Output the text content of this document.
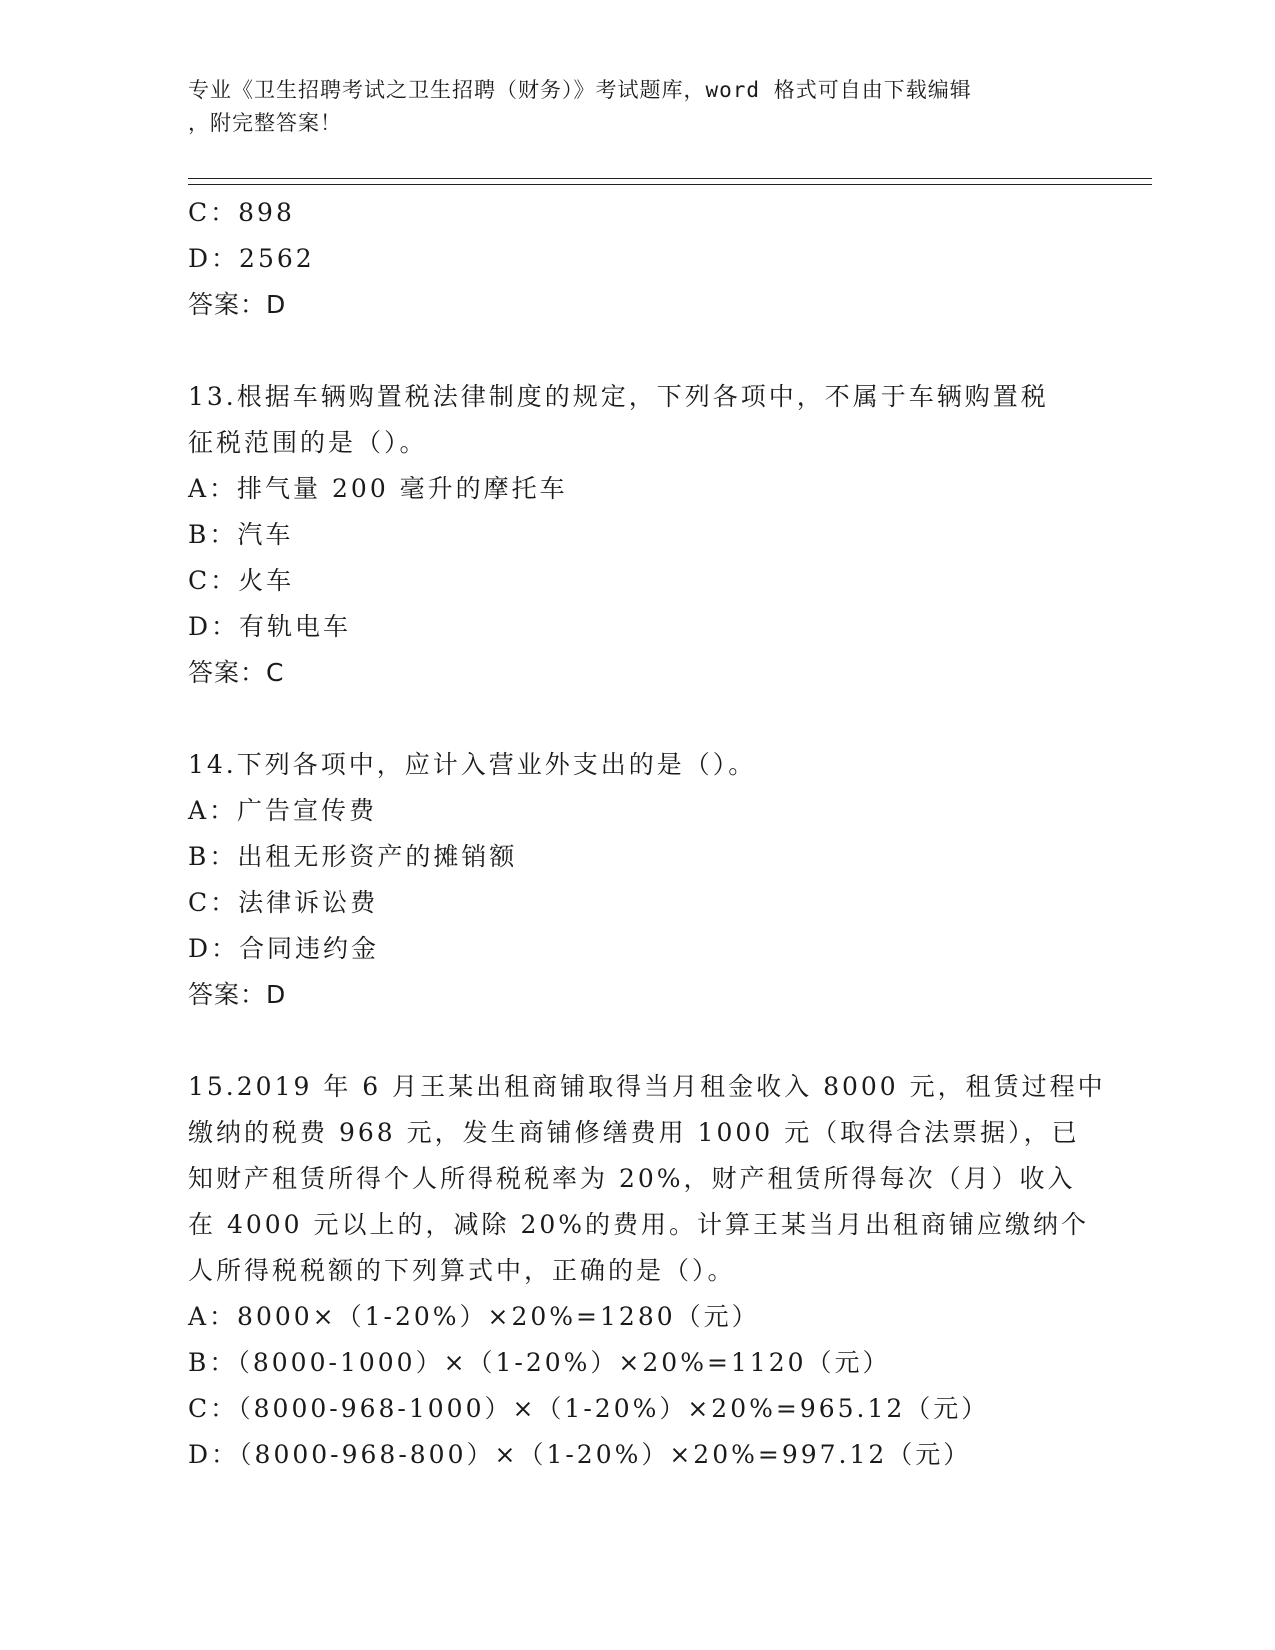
专业《卫生招聘考试之卫生招聘（财务）》考试题库，word 格式可自由下载编辑
，附完整答案！
C：898
D：2562
答案：D
13.根据车辆购置税法律制度的规定，下列各项中，不属于车辆购置税
征税范围的是（）。
A：排气量 200 毫升的摩托车
B：汽车
C：火车
D：有轨电车
答案：C
14.下列各项中，应计入营业外支出的是（）。
A：广告宣传费
B：出租无形资产的摊销额
C：法律诉讼费
D：合同违约金
答案：D
15.2019 年 6 月王某出租商铺取得当月租金收入 8000 元，租赁过程中
缴纳的税费 968 元，发生商铺修缮费用 1000 元（取得合法票据），已
知财产租赁所得个人所得税税率为 20%，财产租赁所得每次（月）收入
在 4000 元以上的，减除 20%的费用。计算王某当月出租商铺应缴纳个
人所得税税额的下列算式中，正确的是（）。
A：8000×（1-20%）×20%=1280（元）
B：（8000-1000）×（1-20%）×20%=1120（元）
C：（8000-968-1000）×（1-20%）×20%=965.12（元）
D：（8000-968-800）×（1-20%）×20%=997.12（元）
